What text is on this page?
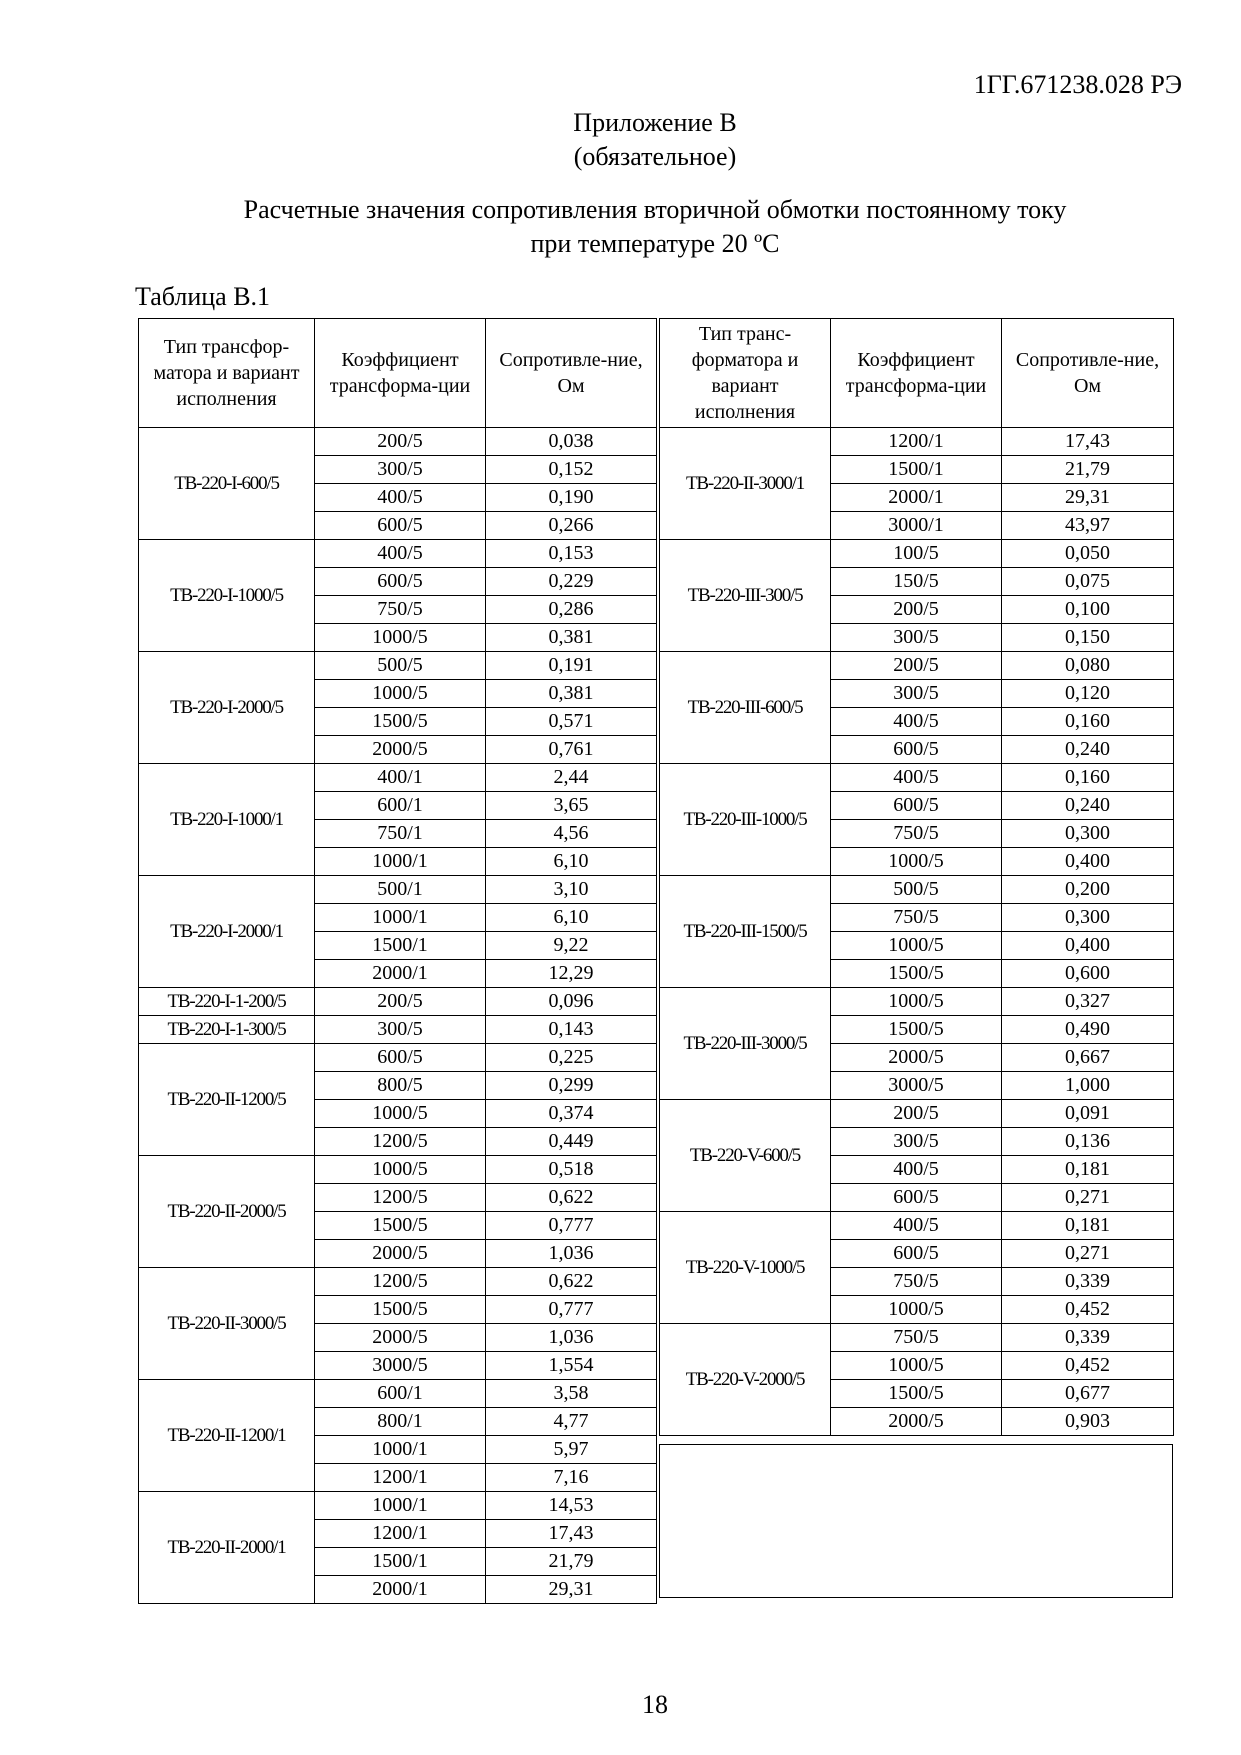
1ГГ.671238.028 РЭ
Приложение В
(обязательное)
Расчетные значения сопротивления вторичной обмотки постоянному току
при температуре 20 ºС
Таблица В.1
Тип трансфор-матора и вариант исполнения	Коэффициент трансформа-ции	Сопротивле-ние, Ом
ТВ-220-I-600/5	200/5	0,038
	300/5	0,152
	400/5	0,190
	600/5	0,266
ТВ-220-I-1000/5	400/5	0,153
	600/5	0,229
	750/5	0,286
	1000/5	0,381
ТВ-220-I-2000/5	500/5	0,191
	1000/5	0,381
	1500/5	0,571
	2000/5	0,761
ТВ-220-I-1000/1	400/1	2,44
	600/1	3,65
	750/1	4,56
	1000/1	6,10
ТВ-220-I-2000/1	500/1	3,10
	1000/1	6,10
	1500/1	9,22
	2000/1	12,29
ТВ-220-I-1-200/5	200/5	0,096
ТВ-220-I-1-300/5	300/5	0,143
ТВ-220-II-1200/5	600/5	0,225
	800/5	0,299
	1000/5	0,374
	1200/5	0,449
ТВ-220-II-2000/5	1000/5	0,518
	1200/5	0,622
	1500/5	0,777
	2000/5	1,036
ТВ-220-II-3000/5	1200/5	0,622
	1500/5	0,777
	2000/5	1,036
	3000/5	1,554
ТВ-220-II-1200/1	600/1	3,58
	800/1	4,77
	1000/1	5,97
	1200/1	7,16
ТВ-220-II-2000/1	1000/1	14,53
	1200/1	17,43
	1500/1	21,79
	2000/1	29,31
Тип транс-форматора и вариант исполнения	Коэффициент трансформа-ции	Сопротивле-ние, Ом
ТВ-220-II-3000/1	1200/1	17,43
	1500/1	21,79
	2000/1	29,31
	3000/1	43,97
ТВ-220-III-300/5	100/5	0,050
	150/5	0,075
	200/5	0,100
	300/5	0,150
ТВ-220-III-600/5	200/5	0,080
	300/5	0,120
	400/5	0,160
	600/5	0,240
ТВ-220-III-1000/5	400/5	0,160
	600/5	0,240
	750/5	0,300
	1000/5	0,400
ТВ-220-III-1500/5	500/5	0,200
	750/5	0,300
	1000/5	0,400
	1500/5	0,600
ТВ-220-III-3000/5	1000/5	0,327
	1500/5	0,490
	2000/5	0,667
	3000/5	1,000
ТВ-220-V-600/5	200/5	0,091
	300/5	0,136
	400/5	0,181
	600/5	0,271
ТВ-220-V-1000/5	400/5	0,181
	600/5	0,271
	750/5	0,339
	1000/5	0,452
ТВ-220-V-2000/5	750/5	0,339
	1000/5	0,452
	1500/5	0,677
	2000/5	0,903
18
